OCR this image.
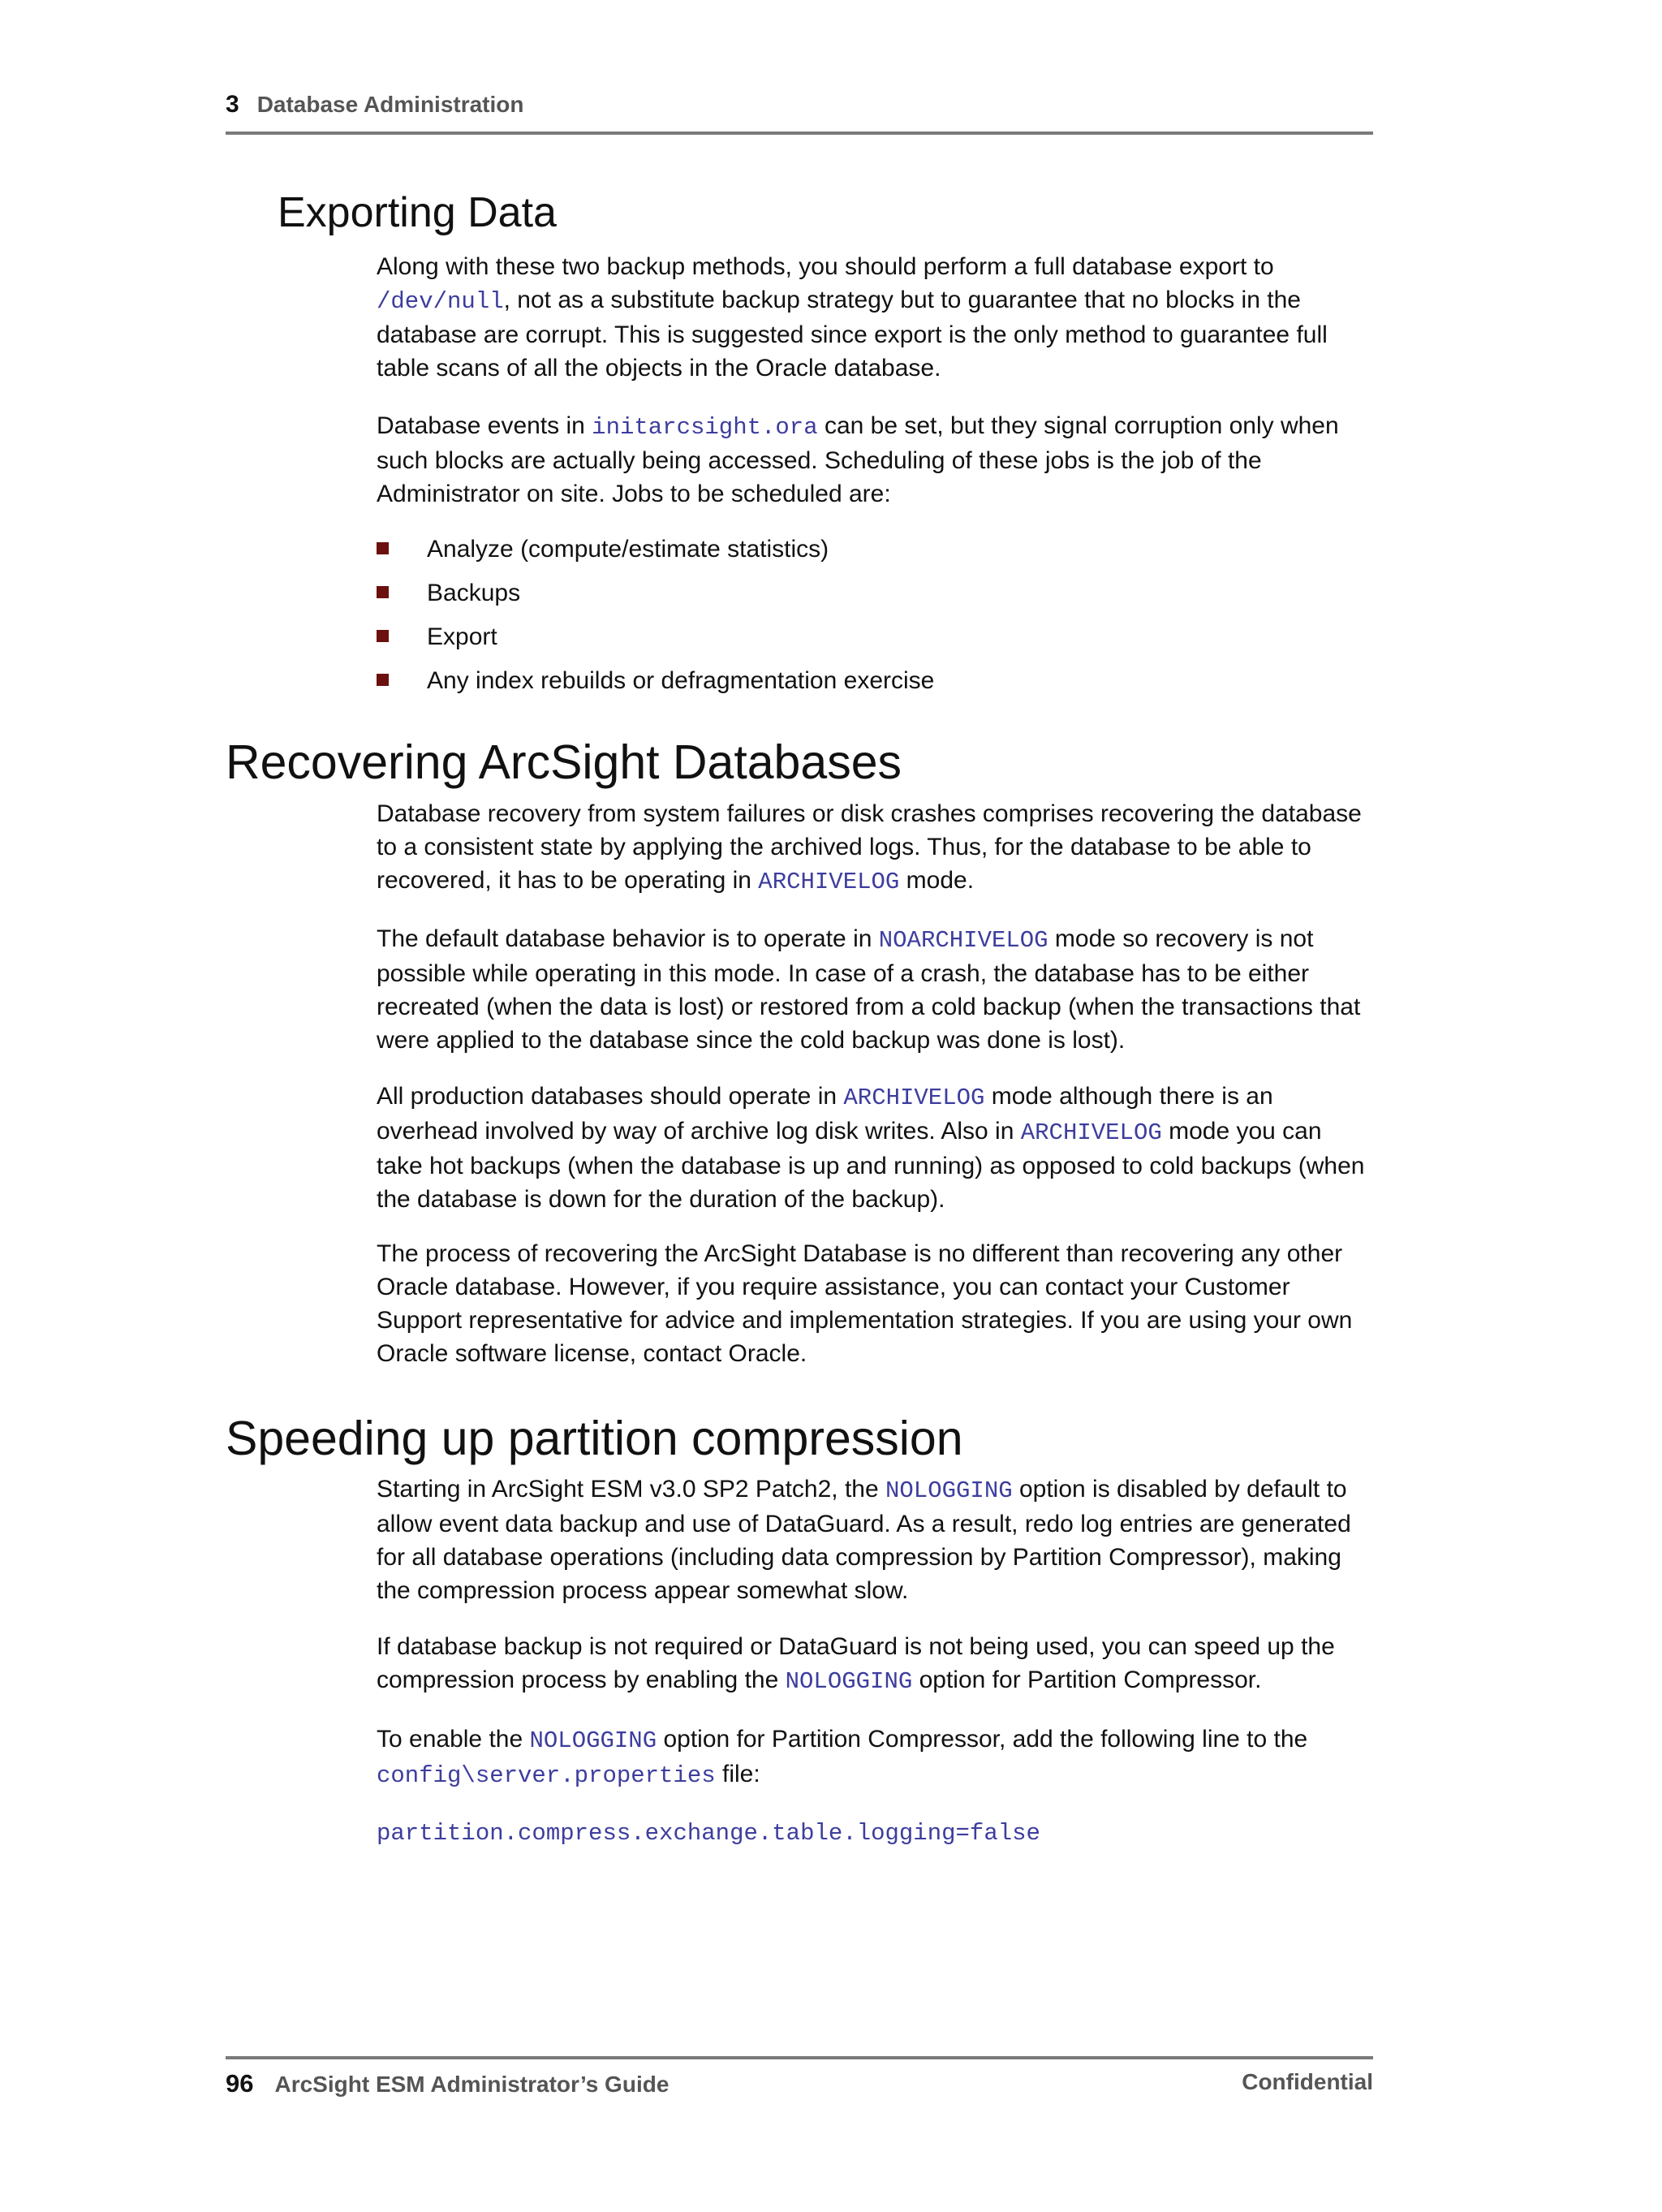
3 Database Administration
Exporting Data

Along with these two backup methods, you should perform a full database export to /dev/null, not as a substitute backup strategy but to guarantee that no blocks in the database are corrupt. This is suggested since export is the only method to guarantee full table scans of all the objects in the Oracle database.

Database events in initarcsight.ora can be set, but they signal corruption only when such blocks are actually being accessed. Scheduling of these jobs is the job of the Administrator on site. Jobs to be scheduled are:

Analyze (compute/estimate statistics)
Backups
Export
Any index rebuilds or defragmentation exercise
Recovering ArcSight Databases

Database recovery from system failures or disk crashes comprises recovering the database to a consistent state by applying the archived logs. Thus, for the database to be able to recovered, it has to be operating in ARCHIVELOG mode.

The default database behavior is to operate in NOARCHIVELOG mode so recovery is not possible while operating in this mode. In case of a crash, the database has to be either recreated (when the data is lost) or restored from a cold backup (when the transactions that were applied to the database since the cold backup was done is lost).

All production databases should operate in ARCHIVELOG mode although there is an overhead involved by way of archive log disk writes. Also in ARCHIVELOG mode you can take hot backups (when the database is up and running) as opposed to cold backups (when the database is down for the duration of the backup).

The process of recovering the ArcSight Database is no different than recovering any other Oracle database. However, if you require assistance, you can contact your Customer Support representative for advice and implementation strategies. If you are using your own Oracle software license, contact Oracle.

Speeding up partition compression

Starting in ArcSight ESM v3.0 SP2 Patch2, the NOLOGGING option is disabled by default to allow event data backup and use of DataGuard. As a result, redo log entries are generated for all database operations (including data compression by Partition Compressor), making the compression process appear somewhat slow.

If database backup is not required or DataGuard is not being used, you can speed up the compression process by enabling the NOLOGGING option for Partition Compressor.

To enable the NOLOGGING option for Partition Compressor, add the following line to the config\server.properties file:

partition.compress.exchange.table.logging=false

96 ArcSight ESM Administrator’s Guide	Confidential
